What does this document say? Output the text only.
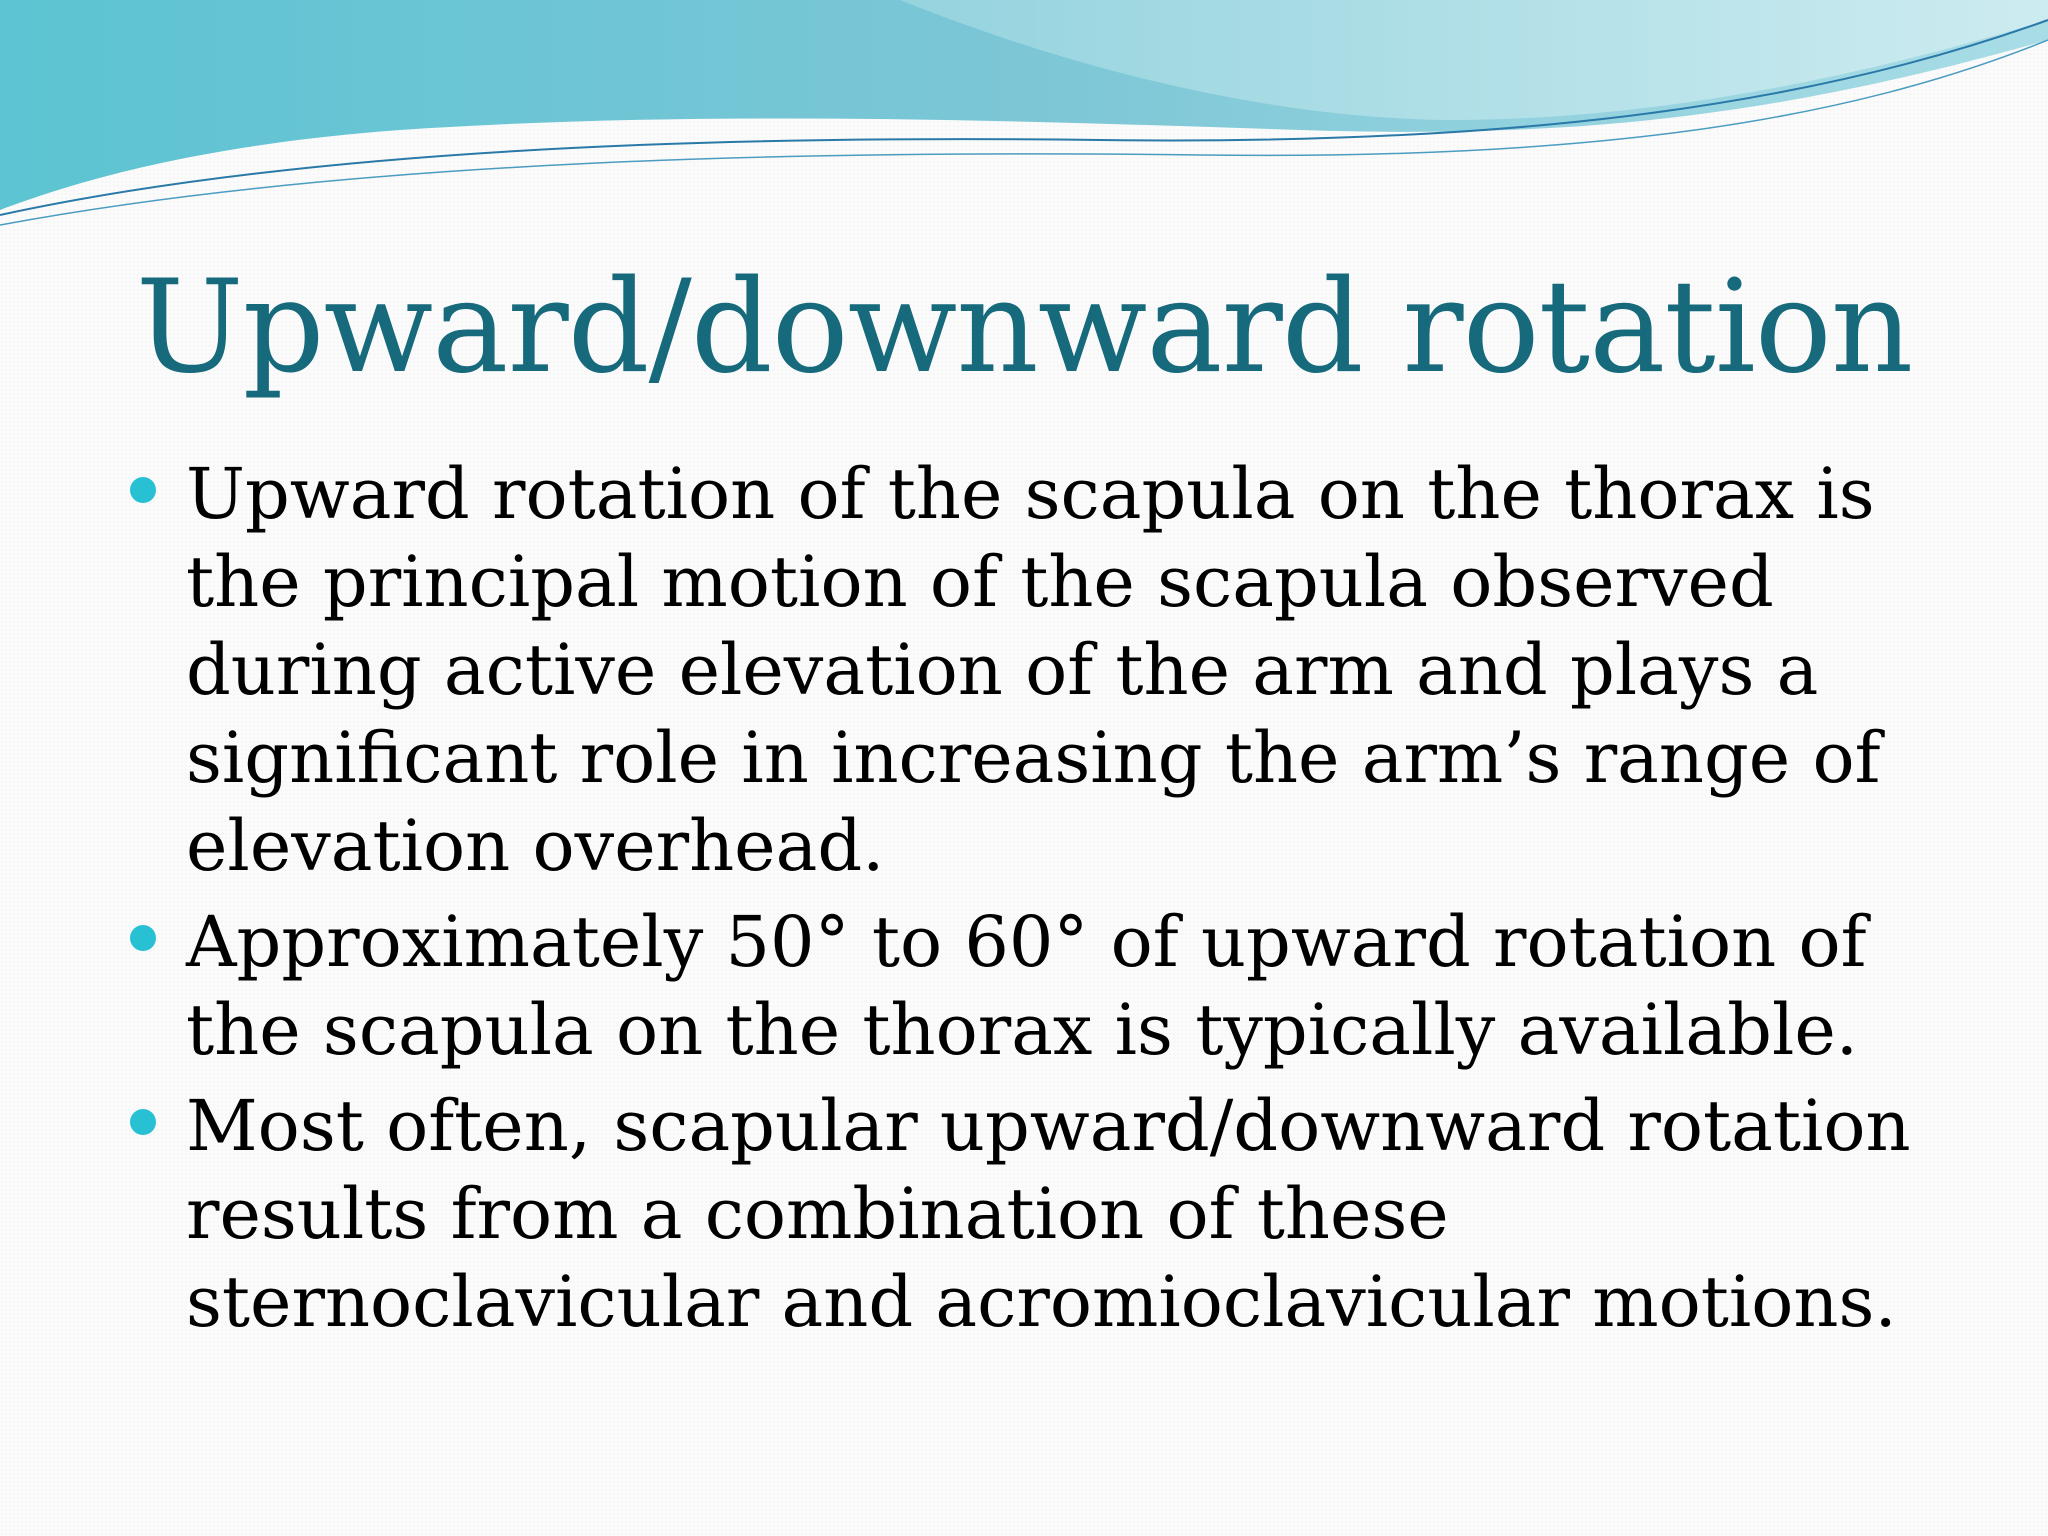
Upward/downward rotation
Upward rotation of the scapula on the thorax is the principal motion of the scapula observed during active elevation of the arm and plays a significant role in increasing the arm’s range of elevation overhead.
Approximately 50° to 60° of upward rotation of the scapula on the thorax is typically available.
Most often, scapular upward/downward rotation results from a combination of these sternoclavicular and acromioclavicular motions.
